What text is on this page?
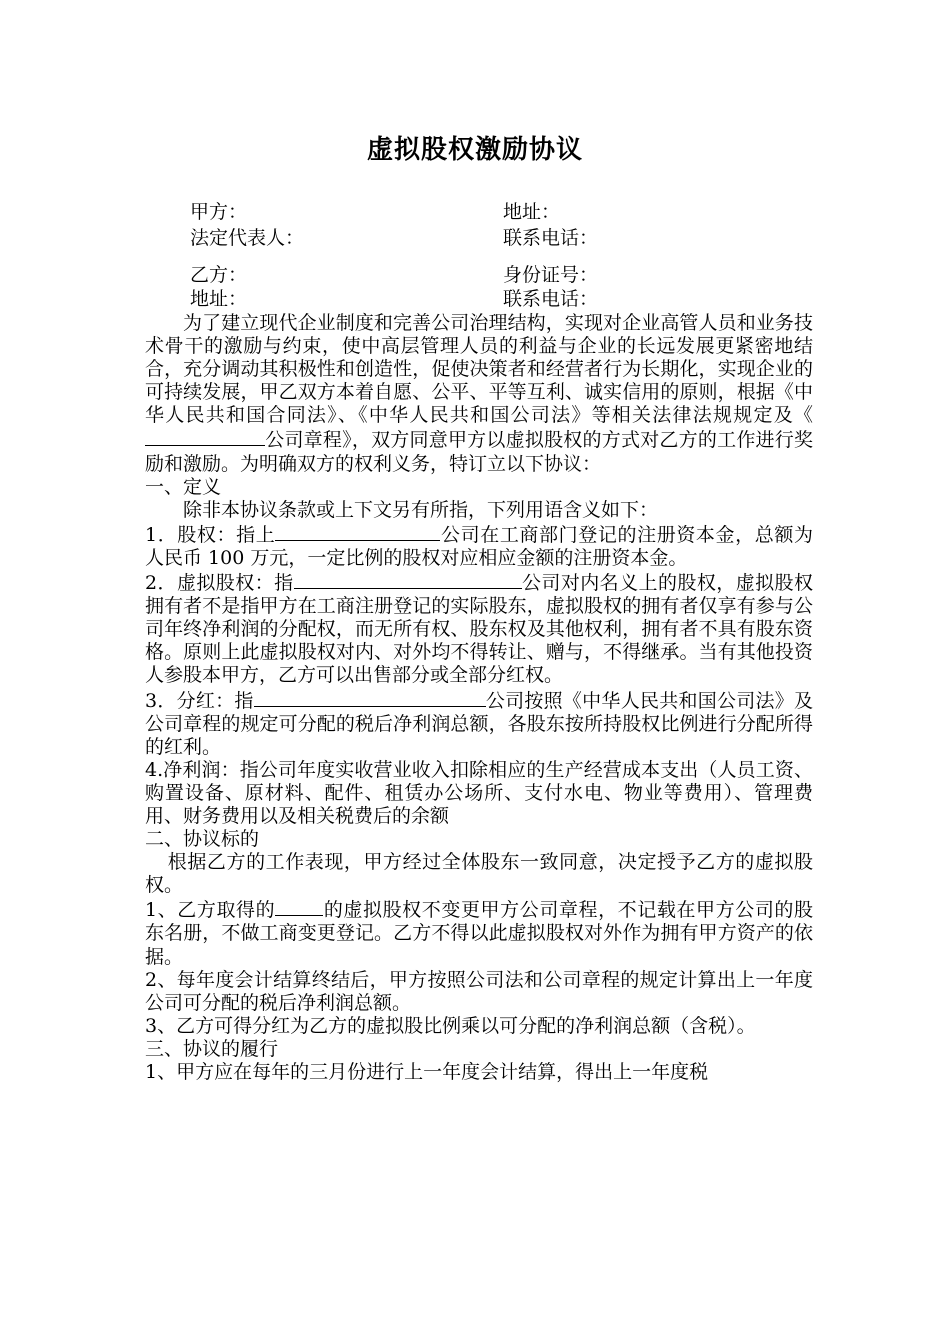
虚拟股权激励协议
甲方：	地址：
法定代表人：	联系电话：
乙方：	身份证号：
地址：	联系电话：

为了建立现代企业制度和完善公司治理结构，实现对企业高管人员和业务技术骨干的激励与约束，使中高层管理人员的利益与企业的长远发展更紧密地结合，充分调动其积极性和创造性，促使决策者和经营者行为长期化，实现企业的可持续发展，甲乙双方本着自愿、公平、平等互利、诚实信用的原则，根据《中华人民共和国合同法》、《中华人民共和国公司法》等相关法律法规规定及《公司章程》，双方同意甲方以虚拟股权的方式对乙方的工作进行奖励和激励。为明确双方的权利义务，特订立以下协议：

一、定义

除非本协议条款或上下文另有所指，下列用语含义如下：

1．股权：指上	公司在工商部门登记的注册资本金，总额为人民币 100 万元，一定比例的股权对应相应金额的注册资本金。

2．虚拟股权：指	公司对内名义上的股权，虚拟股权拥有者不是指甲方在工商注册登记的实际股东，虚拟股权的拥有者仅享有参与公司年终净利润的分配权，而无所有权、股东权及其他权利，拥有者不具有股东资格。原则上此虚拟股权对内、对外均不得转让、赠与，不得继承。当有其他投资人参股本甲方，乙方可以出售部分或全部分红权。

3．分红：指	公司按照《中华人民共和国公司法》及公司章程的规定可分配的税后净利润总额，各股东按所持股权比例进行分配所得的红利。

4.净利润：指公司年度实收营业收入扣除相应的生产经营成本支出（人员工资、购置设备、原材料、配件、租赁办公场所、支付水电、物业等费用）、管理费用、财务费用以及相关税费后的余额

二、协议标的

根据乙方的工作表现，甲方经过全体股东一致同意，决定授予乙方的虚拟股权。

1、乙方取得的	的虚拟股权不变更甲方公司章程，不记载在甲方公司的股东名册，不做工商变更登记。乙方不得以此虚拟股权对外作为拥有甲方资产的依据。

2、每年度会计结算终结后，甲方按照公司法和公司章程的规定计算出上一年度公司可分配的税后净利润总额。

3、乙方可得分红为乙方的虚拟股比例乘以可分配的净利润总额（含税）。

三、协议的履行

1、甲方应在每年的三月份进行上一年度会计结算，得出上一年度税
